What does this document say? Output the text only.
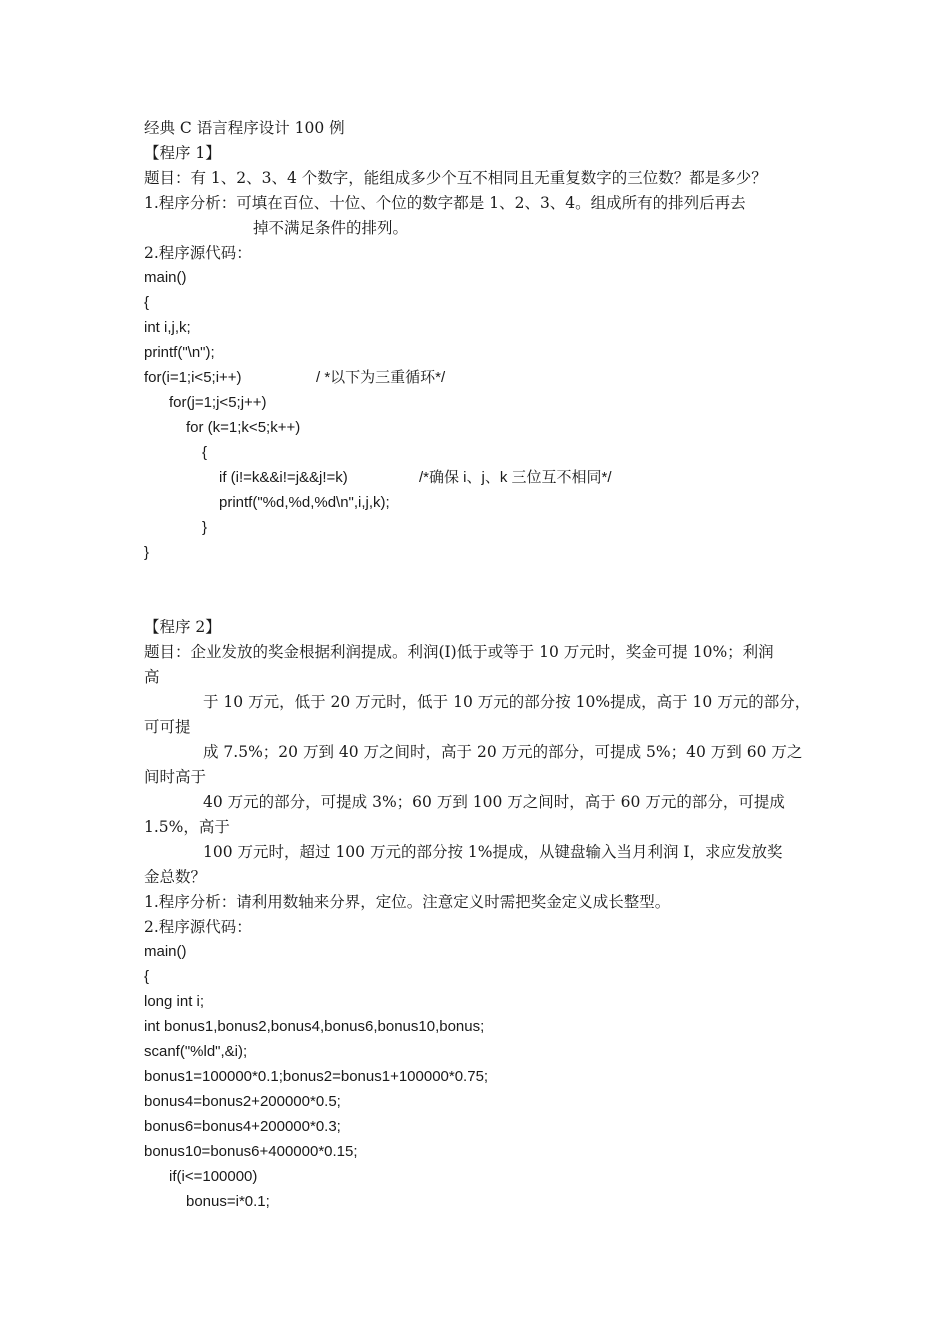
经典 C 语言程序设计 100 例
【程序 1】
题目：有 1、2、3、4 个数字，能组成多少个互不相同且无重复数字的三位数？都是多少？
1.程序分析：可填在百位、十位、个位的数字都是 1、2、3、4。组成所有的排列后再去
掉不满足条件的排列。
2.程序源代码：
main()
{
int i,j,k;
printf("\n");
for(i=1;i<5;i++)	/ *以下为三重循环*/
for(j=1;j<5;j++)
for (k=1;k<5;k++)
{
if (i!=k&&i!=j&&j!=k)	/*确保 i、j、k 三位互不相同*/
printf("%d,%d,%d\n",i,j,k);
}
}
【程序 2】
题目：企业发放的奖金根据利润提成。利润(I)低于或等于 10 万元时，奖金可提 10%；利润
高
于 10 万元，低于 20 万元时，低于 10 万元的部分按 10%提成，高于 10 万元的部分，
可可提
成 7.5%；20 万到 40 万之间时，高于 20 万元的部分，可提成 5%；40 万到 60 万之
间时高于
40 万元的部分，可提成 3%；60 万到 100 万之间时，高于 60 万元的部分，可提成
1.5%，高于
100 万元时，超过 100 万元的部分按 1%提成，从键盘输入当月利润 I，求应发放奖
金总数？
1.程序分析：请利用数轴来分界，定位。注意定义时需把奖金定义成长整型。
2.程序源代码：
main()
{
long int i;
int bonus1,bonus2,bonus4,bonus6,bonus10,bonus;
scanf("%ld",&i);
bonus1=100000*0.1;bonus2=bonus1+100000*0.75;
bonus4=bonus2+200000*0.5;
bonus6=bonus4+200000*0.3;
bonus10=bonus6+400000*0.15;
if(i<=100000)
bonus=i*0.1;
